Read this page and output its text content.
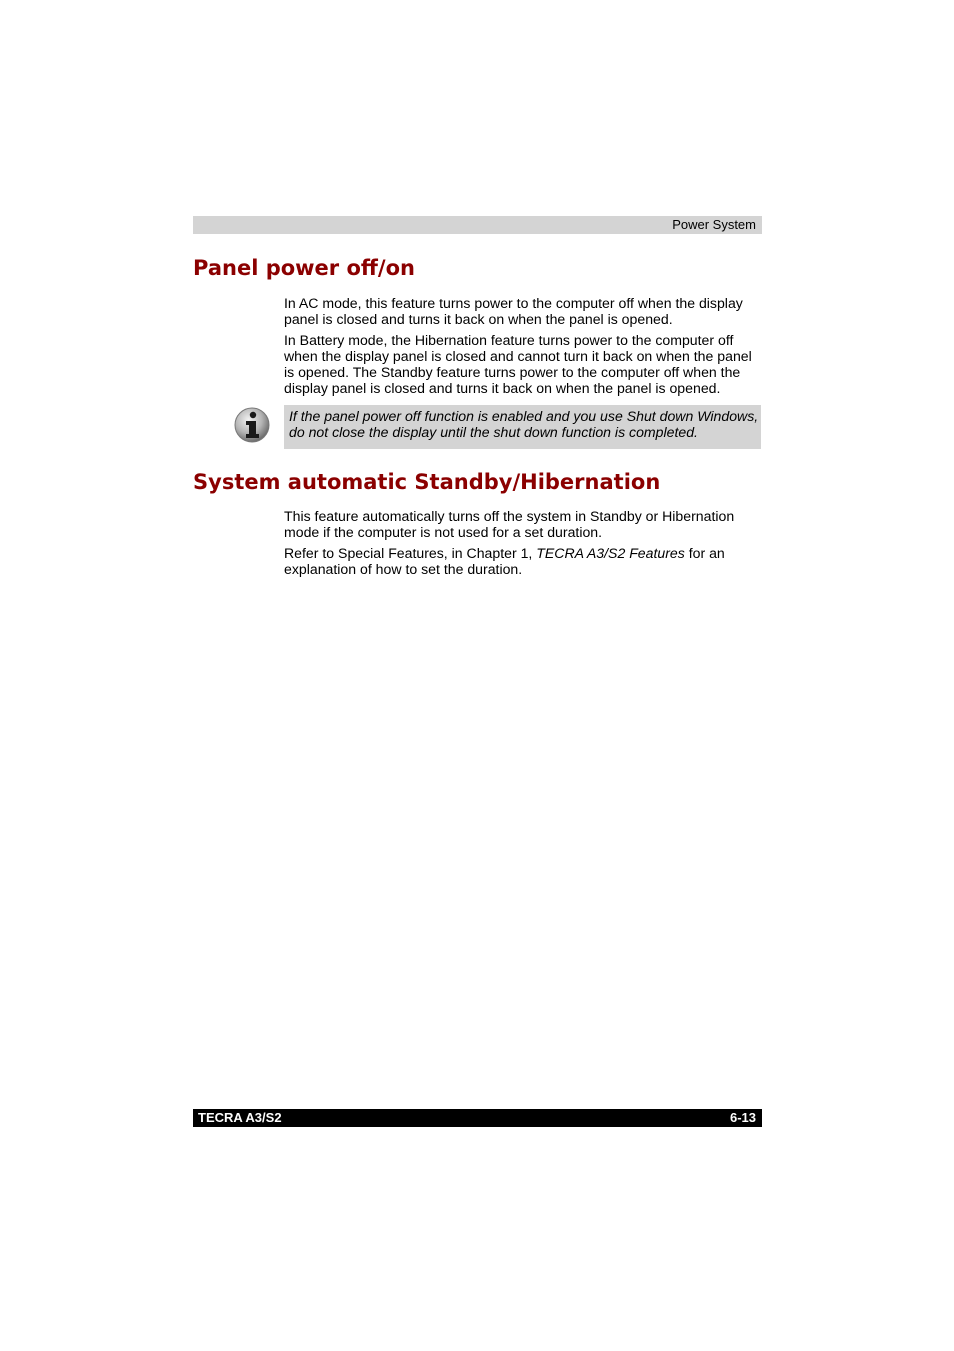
Power System
Panel power off/on

In AC mode, this feature turns power to the computer off when the display panel is closed and turns it back on when the panel is opened.

In Battery mode, the Hibernation feature turns power to the computer off when the display panel is closed and cannot turn it back on when the panel is opened. The Standby feature turns power to the computer off when the display panel is closed and turns it back on when the panel is opened.

If the panel power off function is enabled and you use Shut down Windows, do not close the display until the shut down function is completed.

System automatic Standby/Hibernation

This feature automatically turns off the system in Standby or Hibernation mode if the computer is not used for a set duration.

Refer to Special Features, in Chapter 1, TECRA A3/S2 Features for an explanation of how to set the duration.

TECRA A3/S2	6-13
